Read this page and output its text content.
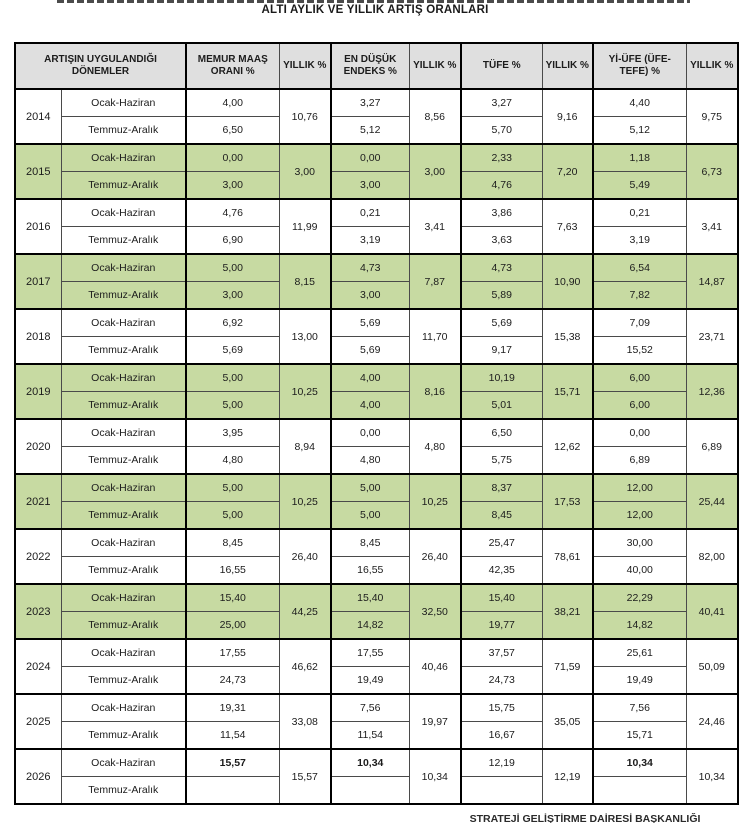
ALTI AYLIK VE YILLIK ARTIŞ ORANLARI
ARTIŞIN UYGULANDIĞI DÖNEMLER		MEMUR MAAŞ ORANI %	YILLIK %	EN DÜŞÜK ENDEKS %	YILLIK %	TÜFE %	YILLIK %	Yİ-ÜFE (ÜFE-TEFE) %	YILLIK %
2014	Ocak-Haziran	4,00	10,76	3,27	8,56	3,27	9,16	4,40	9,75
	Temmuz-Aralık	6,50		5,12		5,70		5,12	
2015	Ocak-Haziran	0,00	3,00	0,00	3,00	2,33	7,20	1,18	6,73
	Temmuz-Aralık	3,00		3,00		4,76		5,49	
2016	Ocak-Haziran	4,76	11,99	0,21	3,41	3,86	7,63	0,21	3,41
	Temmuz-Aralık	6,90		3,19		3,63		3,19	
2017	Ocak-Haziran	5,00	8,15	4,73	7,87	4,73	10,90	6,54	14,87
	Temmuz-Aralık	3,00		3,00		5,89		7,82	
2018	Ocak-Haziran	6,92	13,00	5,69	11,70	5,69	15,38	7,09	23,71
	Temmuz-Aralık	5,69		5,69		9,17		15,52	
2019	Ocak-Haziran	5,00	10,25	4,00	8,16	10,19	15,71	6,00	12,36
	Temmuz-Aralık	5,00		4,00		5,01		6,00	
2020	Ocak-Haziran	3,95	8,94	0,00	4,80	6,50	12,62	0,00	6,89
	Temmuz-Aralık	4,80		4,80		5,75		6,89	
2021	Ocak-Haziran	5,00	10,25	5,00	10,25	8,37	17,53	12,00	25,44
	Temmuz-Aralık	5,00		5,00		8,45		12,00	
2022	Ocak-Haziran	8,45	26,40	8,45	26,40	25,47	78,61	30,00	82,00
	Temmuz-Aralık	16,55		16,55		42,35		40,00	
2023	Ocak-Haziran	15,40	44,25	15,40	32,50	15,40	38,21	22,29	40,41
	Temmuz-Aralık	25,00		14,82		19,77		14,82	
2024	Ocak-Haziran	17,55	46,62	17,55	40,46	37,57	71,59	25,61	50,09
	Temmuz-Aralık	24,73		19,49		24,73		19,49	
2025	Ocak-Haziran	19,31	33,08	7,56	19,97	15,75	35,05	7,56	24,46
	Temmuz-Aralık	11,54		11,54		16,67		15,71	
2026	Ocak-Haziran	15,57	15,57	10,34	10,34	12,19	12,19	10,34	10,34
	Temmuz-Aralık								
STRATEJİ GELİŞTİRME DAİRESİ BAŞKANLIĞI
